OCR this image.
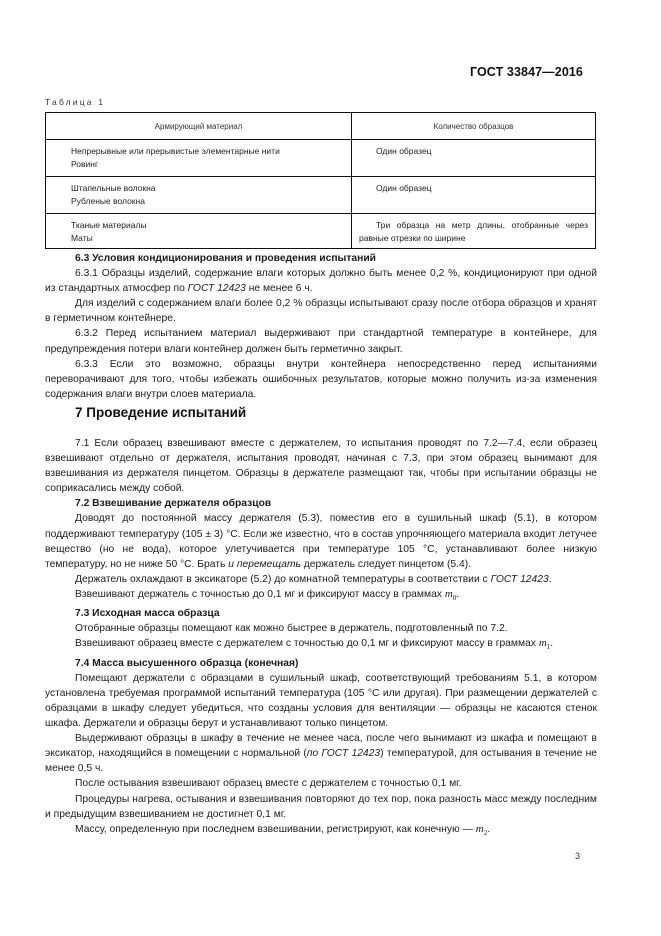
ГОСТ 33847—2016
Таблица 1
Армирующий материал	Количество образцов

Непрерывные или прерывистые элементарные нити
Ровинг	Один образец

Штапельные волокна
Рубленые волокна	Один образец

Тканые материалы
Маты	Три образца на метр длины, отобранные через равные отрезки по ширине

6.3 Условия кондиционирования и проведения испытаний

6.3.1 Образцы изделий, содержание влаги которых должно быть менее 0,2 %, кондиционируют при одной из стандартных атмосфер по ГОСТ 12423 не менее 6 ч.

Для изделий с содержанием влаги более 0,2 % образцы испытывают сразу после отбора образцов и хранят в герметичном контейнере.

6.3.2 Перед испытанием материал выдерживают при стандартной температуре в контейнере, для предупреждения потери влаги контейнер должен быть герметично закрыт.

6.3.3 Если это возможно, образцы внутри контейнера непосредственно перед испытаниями переворачивают для того, чтобы избежать ошибочных результатов, которые можно получить из-за изменения содержания влаги внутри слоев материала.

7 Проведение испытаний

7.1 Если образец взвешивают вместе с держателем, то испытания проводят по 7.2—7.4, если образец взвешивают отдельно от держателя, испытания проводят, начиная с 7.3, при этом образец вынимают для взвешивания из держателя пинцетом. Образцы в держателе размещают так, чтобы при испытании образцы не соприкасались между собой.

7.2 Взвешивание держателя образцов

Доводят до постоянной массу держателя (5.3), поместив его в сушильный шкаф (5.1), в котором поддерживают температуру (105 ± 3) °С. Если же известно, что в состав упрочняющего материала входит летучее вещество (но не вода), которое улетучивается при температуре 105 °С, устанавливают более низкую температуру, но не ниже 50 °С. Брать и перемещать держатель следует пинцетом (5.4).

Держатель охлаждают в эксикаторе (5.2) до комнатной температуры в соответствии с ГОСТ 12423.

Взвешивают держатель с точностью до 0,1 мг и фиксируют массу в граммах $m_0$.

7.3 Исходная масса образца

Отобранные образцы помещают как можно быстрее в держатель, подготовленный по 7.2.

Взвешивают образец вместе с держателем с точностью до 0,1 мг и фиксируют массу в граммах $m_1$.

7.4 Масса высушенного образца (конечная)

Помещают держатели с образцами в сушильный шкаф, соответствующий требованиям 5.1, в котором установлена требуемая программой испытаний температура (105 °С или другая). При размещении держателей с образцами в шкафу следует убедиться, что созданы условия для вентиляции — образцы не касаются стенок шкафа. Держатели и образцы берут и устанавливают только пинцетом.

Выдерживают образцы в шкафу в течение не менее часа, после чего вынимают из шкафа и помещают в эксикатор, находящийся в помещении с нормальной (по ГОСТ 12423) температурой, для остывания в течение не менее 0,5 ч.

После остывания взвешивают образец вместе с держателем с точностью 0,1 мг.

Процедуры нагрева, остывания и взвешивания повторяют до тех пор, пока разность масс между последним и предыдущим взвешиванием не достигнет 0,1 мг.

Массу, определенную при последнем взвешивании, регистрируют, как конечную — $m_2$.

3
